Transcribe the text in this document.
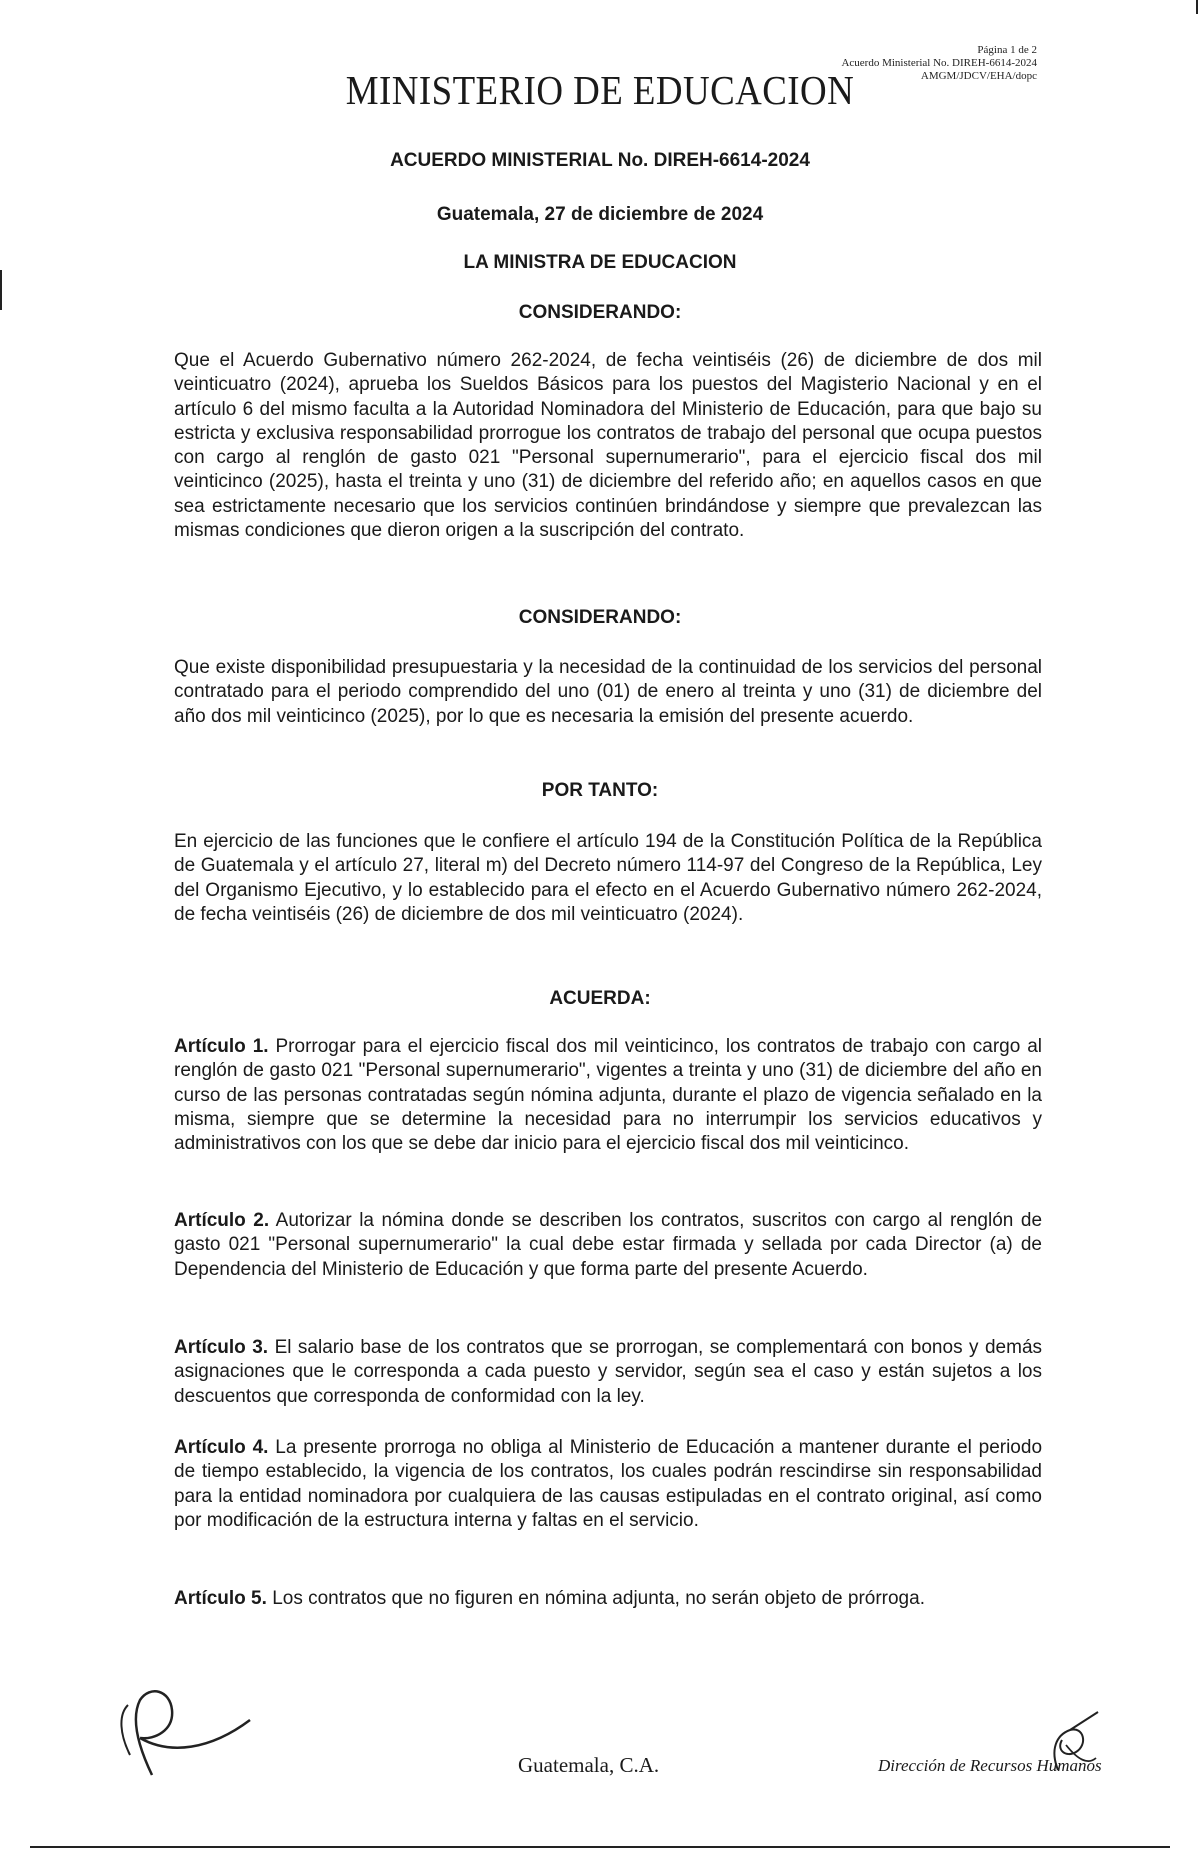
Página 1 de 2
Acuerdo Ministerial No. DIREH-6614-2024
AMGM/JDCV/EHA/dopc
MINISTERIO DE EDUCACION
ACUERDO MINISTERIAL No. DIREH-6614-2024
Guatemala, 27 de diciembre de 2024
LA MINISTRA DE EDUCACION
CONSIDERANDO:
Que el Acuerdo Gubernativo número 262-2024, de fecha veintiséis (26) de diciembre de dos mil veinticuatro (2024), aprueba los Sueldos Básicos para los puestos del Magisterio Nacional y en el artículo 6 del mismo faculta a la Autoridad Nominadora del Ministerio de Educación, para que bajo su estricta y exclusiva responsabilidad prorrogue los contratos de trabajo del personal que ocupa puestos con cargo al renglón de gasto 021 "Personal supernumerario", para el ejercicio fiscal dos mil veinticinco (2025), hasta el treinta y uno (31) de diciembre del referido año; en aquellos casos en que sea estrictamente necesario que los servicios continúen brindándose y siempre que prevalezcan las mismas condiciones que dieron origen a la suscripción del contrato.
CONSIDERANDO:
Que existe disponibilidad presupuestaria y la necesidad de la continuidad de los servicios del personal contratado para el periodo comprendido del uno (01) de enero al treinta y uno (31) de diciembre del año dos mil veinticinco (2025), por lo que es necesaria la emisión del presente acuerdo.
POR TANTO:
En ejercicio de las funciones que le confiere el artículo 194 de la Constitución Política de la República de Guatemala y el artículo 27, literal m) del Decreto número 114-97 del Congreso de la República, Ley del Organismo Ejecutivo, y lo establecido para el efecto en el Acuerdo Gubernativo número 262-2024, de fecha veintiséis (26) de diciembre de dos mil veinticuatro (2024).
ACUERDA:
Artículo 1. Prorrogar para el ejercicio fiscal dos mil veinticinco, los contratos de trabajo con cargo al renglón de gasto 021 "Personal supernumerario", vigentes a treinta y uno (31) de diciembre del año en curso de las personas contratadas según nómina adjunta, durante el plazo de vigencia señalado en la misma, siempre que se determine la necesidad para no interrumpir los servicios educativos y administrativos con los que se debe dar inicio para el ejercicio fiscal dos mil veinticinco.
Artículo 2. Autorizar la nómina donde se describen los contratos, suscritos con cargo al renglón de gasto 021 "Personal supernumerario" la cual debe estar firmada y sellada por cada Director (a) de Dependencia del Ministerio de Educación y que forma parte del presente Acuerdo.
Artículo 3. El salario base de los contratos que se prorrogan, se complementará con bonos y demás asignaciones que le corresponda a cada puesto y servidor, según sea el caso y están sujetos a los descuentos que corresponda de conformidad con la ley.
Artículo 4. La presente prorroga no obliga al Ministerio de Educación a mantener durante el periodo de tiempo establecido, la vigencia de los contratos, los cuales podrán rescindirse sin responsabilidad para la entidad nominadora por cualquiera de las causas estipuladas en el contrato original, así como por modificación de la estructura interna y faltas en el servicio.
Artículo 5. Los contratos que no figuren en nómina adjunta, no serán objeto de prórroga.
Guatemala, C.A.	Dirección de Recursos Humanos
